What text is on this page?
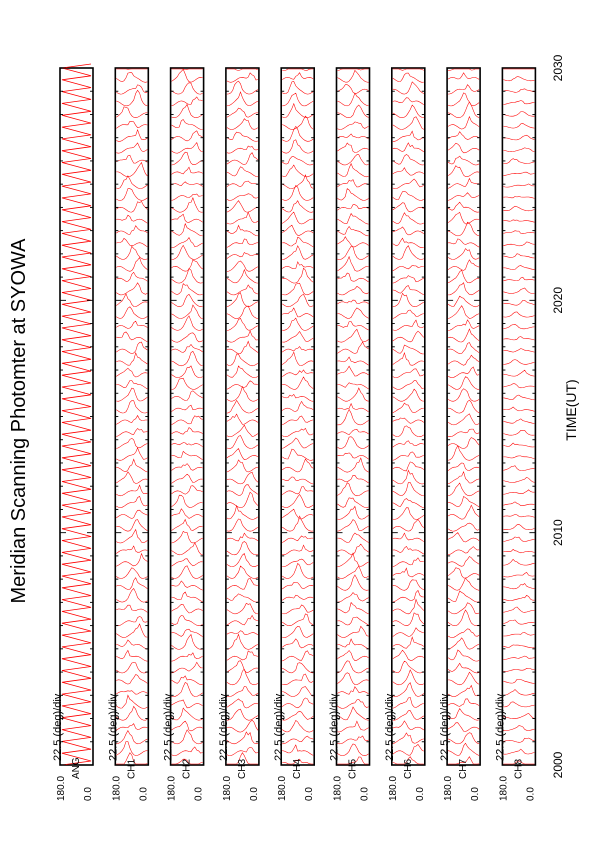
Meridian Scanning Photomter at SYOWA	TIME(UT)
180.0 0.0
ANG
22.5 (deg)/div
180.0 0.0
CH1
22.5 (deg)/div
180.0 0.0
CH2
22.5 (deg)/div
180.0 0.0
CH3
22.5 (deg)/div
180.0 0.0
CH4
22.5 (deg)/div
180.0 0.0
CH5
22.5 (deg)/div
180.0 0.0
CH6
22.5 (deg)/div
180.0 0.0
CH7
22.5 (deg)/div
180.0 0.0
CH8
22.5 (deg)/div
2000
2010
2020
2030
